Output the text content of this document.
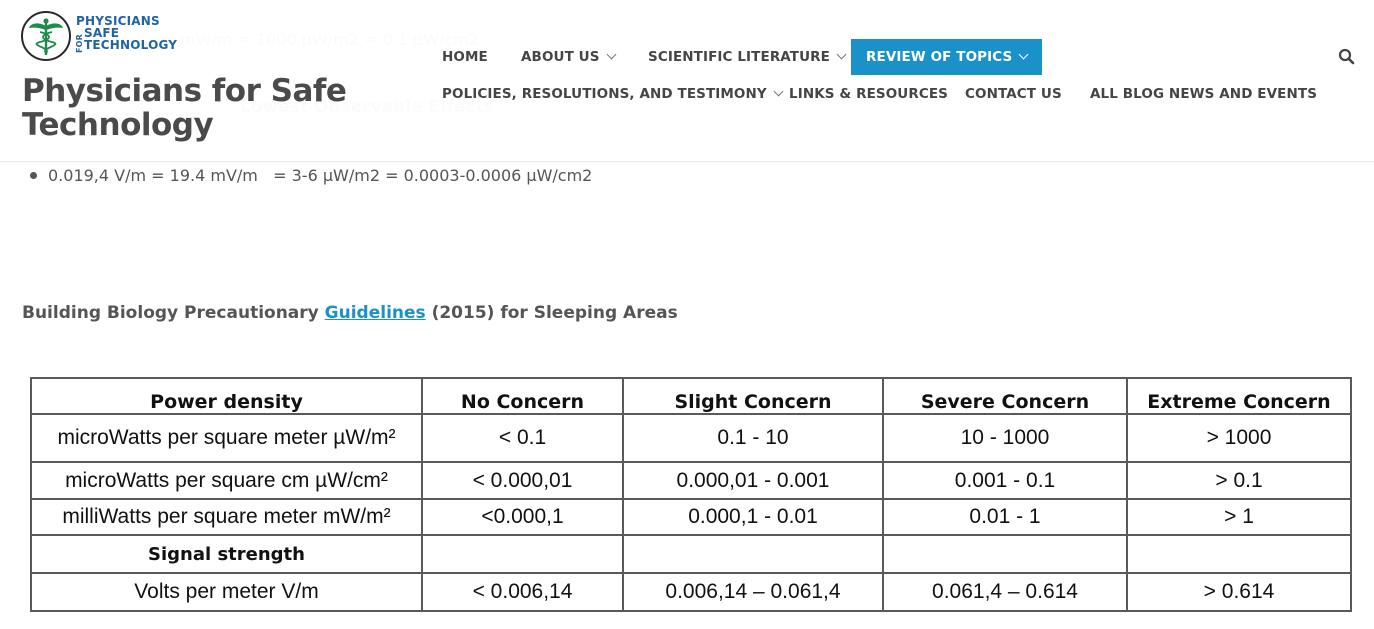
FOR
PHYSICIANS
SAFE
TECHNOLOGY
Physicians for Safe
Technology
HOME ABOUT US	SCIENTIFIC LITERATURE	REVIEW OF TOPICS
POLICIES, RESOLUTIONS, AND TESTIMONY	LINKS & RESOURCES CONTACT US ALL BLOG NEWS AND EVENTS
0.019,4 V/m = 19.4 mV/m   = 3-6 µW/m2 = 0.0003-0.0006 µW/cm2
Building Biology Precautionary Guidelines (2015) for Sleeping Areas
Power density	No Concern	Slight Concern	Severe Concern	Extreme Concern
microWatts per square meter µW/m²	< 0.1	0.1 - 10	10 - 1000	> 1000
microWatts per square cm µW/cm²	< 0.000,01	0.000,01 - 0.001	0.001 - 0.1	> 0.1
milliWatts per square meter mW/m²	<0.000,1	0.000,1 - 0.01	0.01 - 1	> 1
Signal strength				
Volts per meter V/m	< 0.006,14	0.006,14 – 0.061,4	0.061,4 – 0.614	> 0.614
